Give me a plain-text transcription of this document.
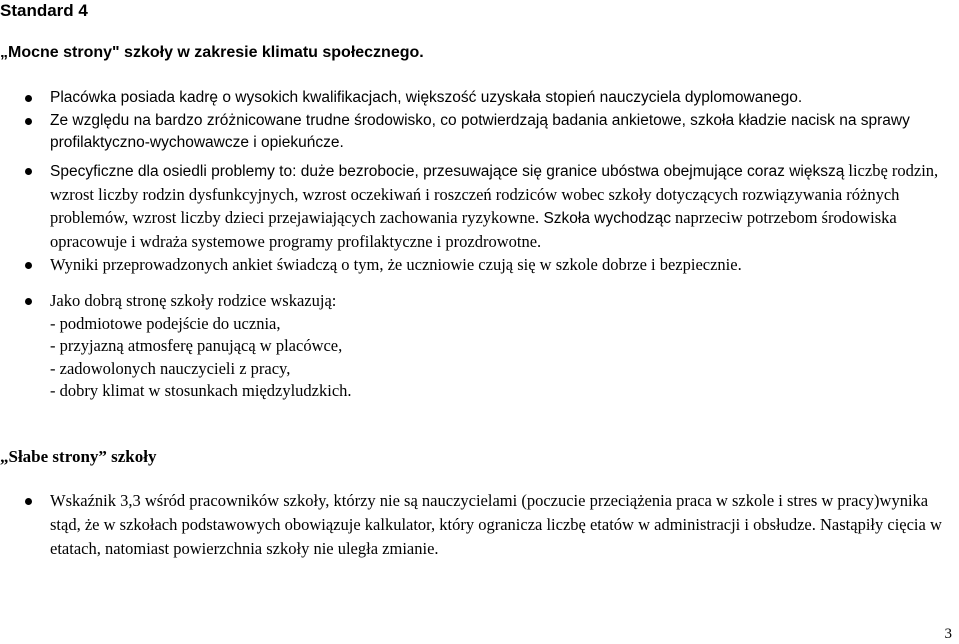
Standard 4
„Mocne strony" szkoły w zakresie klimatu społecznego.
Placówka posiada kadrę o wysokich kwalifikacjach, większość uzyskała stopień nauczyciela dyplomowanego.
Ze względu na bardzo zróżnicowane trudne środowisko, co potwierdzają badania ankietowe, szkoła kładzie nacisk na sprawy profilaktyczno-wychowawcze i opiekuńcze.
Specyficzne dla osiedli problemy to: duże bezrobocie, przesuwające się granice ubóstwa obejmujące coraz większą liczbę rodzin, wzrost liczby rodzin dysfunkcyjnych, wzrost oczekiwań i roszczeń rodziców wobec szkoły dotyczących rozwiązywania różnych problemów, wzrost liczby dzieci przejawiających zachowania ryzykowne. Szkoła wychodząc naprzeciw potrzebom środowiska opracowuje i wdraża systemowe programy profilaktyczne i prozdrowotne.
Wyniki przeprowadzonych ankiet świadczą o tym, że uczniowie czują się w szkole dobrze i bezpiecznie.
Jako dobrą stronę szkoły rodzice wskazują:
- podmiotowe podejście do ucznia,
- przyjazną atmosferę panującą w placówce,
- zadowolonych nauczycieli z pracy,
- dobry klimat w stosunkach międzyludzkich.
„Słabe strony” szkoły
Wskaźnik 3,3 wśród pracowników szkoły, którzy nie są nauczycielami (poczucie przeciążenia praca w szkole i stres w pracy)wynika stąd, że w szkołach podstawowych obowiązuje kalkulator, który ogranicza liczbę etatów w administracji i obsłudze. Nastąpiły cięcia w etatach, natomiast powierzchnia szkoły nie uległa zmianie.
3
